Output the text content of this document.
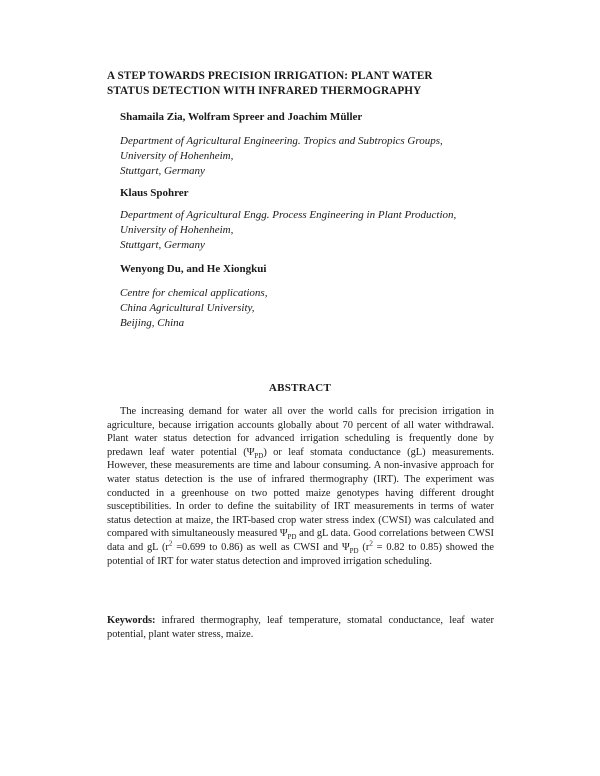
A STEP TOWARDS PRECISION IRRIGATION: PLANT WATER
STATUS DETECTION WITH INFRARED THERMOGRAPHY
Shamaila Zia, Wolfram Spreer and Joachim Müller
Department of Agricultural Engineering. Tropics and Subtropics Groups,
University of Hohenheim,
Stuttgart, Germany
Klaus Spohrer
Department of Agricultural Engg. Process Engineering in Plant Production,
University of Hohenheim,
Stuttgart, Germany
Wenyong Du, and He Xiongkui
Centre for chemical applications,
China Agricultural University,
Beijing, China
ABSTRACT
The increasing demand for water all over the world calls for precision irrigation in agriculture, because irrigation accounts globally about 70 percent of all water withdrawal. Plant water status detection for advanced irrigation scheduling is frequently done by predawn leaf water potential $(\Psi_{PD})$ or leaf stomata conductance (gL) measurements. However, these measurements are time and labour consuming. A non-invasive approach for water status detection is the use of infrared thermography (IRT). The experiment was conducted in a greenhouse on two potted maize genotypes having different drought susceptibilities. In order to define the suitability of IRT measurements in terms of water status detection at maize, the IRT-based crop water stress index (CWSI) was calculated and compared with simultaneously measured $\Psi_{PD}$ and gL data. Good correlations between CWSI data and gL ($r^2 =0.699$ to 0.86) as well as CWSI and $\Psi_{PD}$ ($r^2 = 0.82$ to 0.85) showed the potential of IRT for water status detection and improved irrigation scheduling.
Keywords: infrared thermography, leaf temperature, stomatal conductance, leaf water potential, plant water stress, maize.
